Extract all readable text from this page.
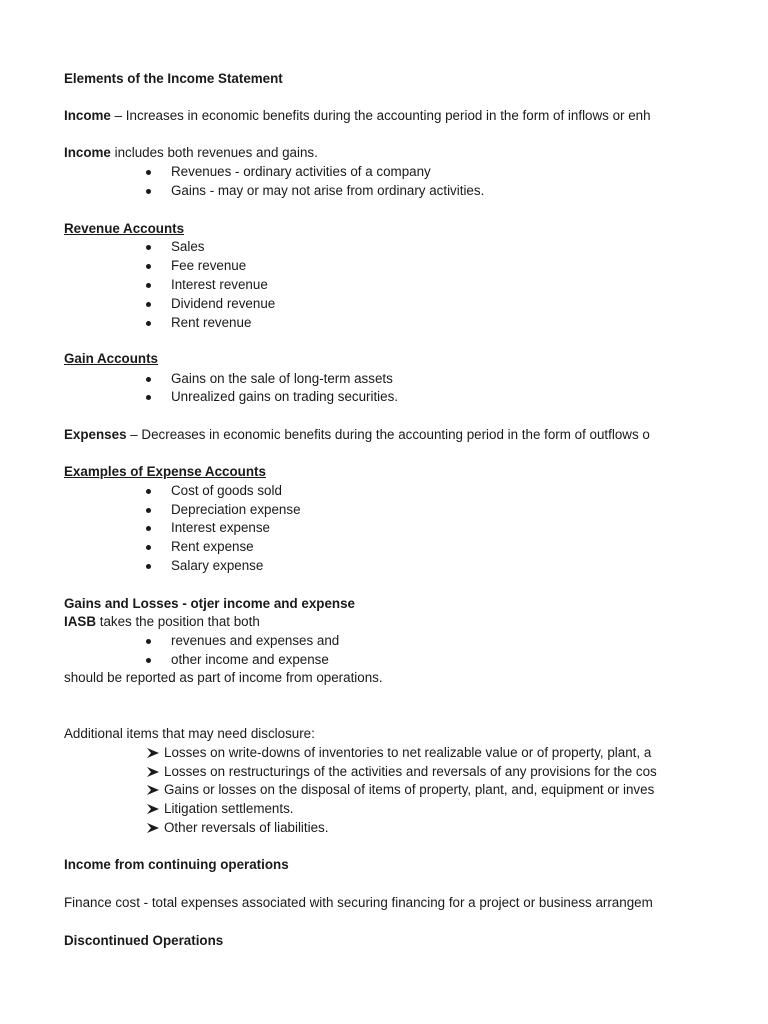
Elements of the Income Statement
Income – Increases in economic benefits during the accounting period in the form of inflows or enh
Income includes both revenues and gains.
Revenues - ordinary activities of a company
Gains - may or may not arise from ordinary activities.
Revenue Accounts
Sales
Fee revenue
Interest revenue
Dividend revenue
Rent revenue
Gain Accounts
Gains on the sale of long-term assets
Unrealized gains on trading securities.
Expenses – Decreases in economic benefits during the accounting period in the form of outflows o
Examples of Expense Accounts
Cost of goods sold
Depreciation expense
Interest expense
Rent expense
Salary expense
Gains and Losses - otjer income and expense
IASB takes the position that both
revenues and expenses and
other income and expense
should be reported as part of income from operations.
Additional items that may need disclosure:
Losses on write-downs of inventories to net realizable value or of property, plant, a
Losses on restructurings of the activities and reversals of any provisions for the cos
Gains or losses on the disposal of items of property, plant, and, equipment or inves
Litigation settlements.
Other reversals of liabilities.
Income from continuing operations
Finance cost - total expenses associated with securing financing for a project or business arrangem
Discontinued Operations
